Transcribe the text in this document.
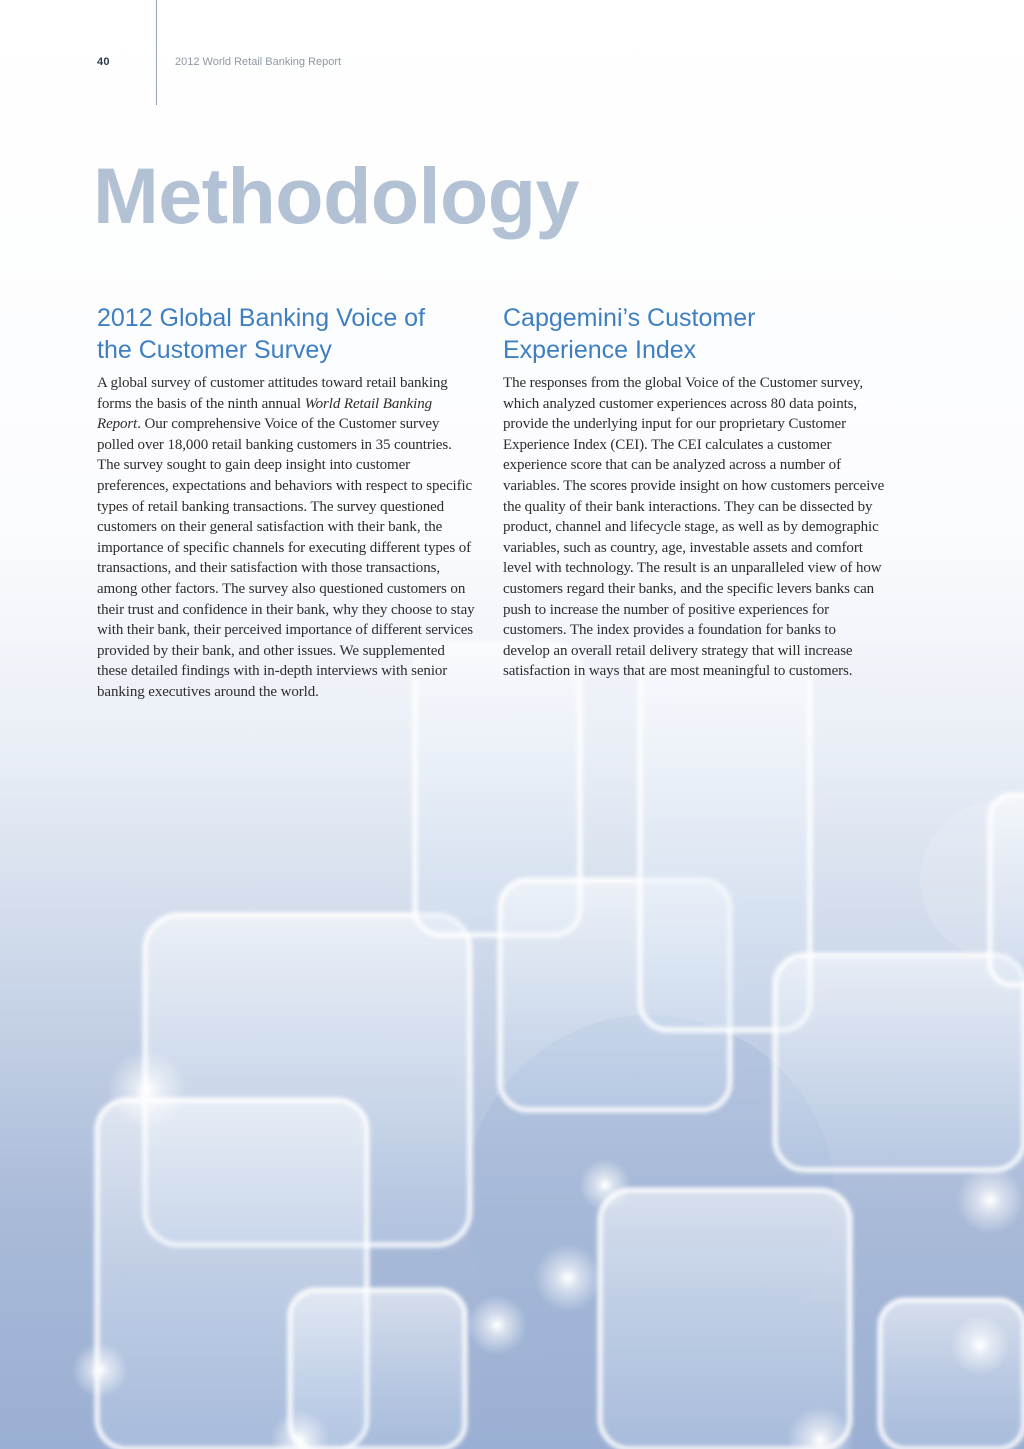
40	2012 World Retail Banking Report
Methodology
2012 Global Banking Voice of
the Customer Survey

A global survey of customer attitudes toward retail banking forms the basis of the ninth annual World Retail Banking Report. Our comprehensive Voice of the Customer survey polled over 18,000 retail banking customers in 35 countries. The survey sought to gain deep insight into customer preferences, expectations and behaviors with respect to specific types of retail banking transactions. The survey questioned customers on their general satisfaction with their bank, the importance of specific channels for executing different types of transactions, and their satisfaction with those transactions, among other factors. The survey also questioned customers on their trust and confidence in their bank, why they choose to stay with their bank, their perceived importance of different services provided by their bank, and other issues. We supplemented these detailed findings with in-depth interviews with senior banking executives around the world.

Capgemini’s Customer
Experience Index

The responses from the global Voice of the Customer survey, which analyzed customer experiences across 80 data points, provide the underlying input for our proprietary Customer Experience Index (CEI). The CEI calculates a customer experience score that can be analyzed across a number of variables. The scores provide insight on how customers perceive the quality of their bank interactions. They can be dissected by product, channel and lifecycle stage, as well as by demographic variables, such as country, age, investable assets and comfort level with technology. The result is an unparalleled view of how customers regard their banks, and the specific levers banks can push to increase the number of positive experiences for customers. The index provides a foundation for banks to develop an overall retail delivery strategy that will increase satisfaction in ways that are most meaningful to customers.
